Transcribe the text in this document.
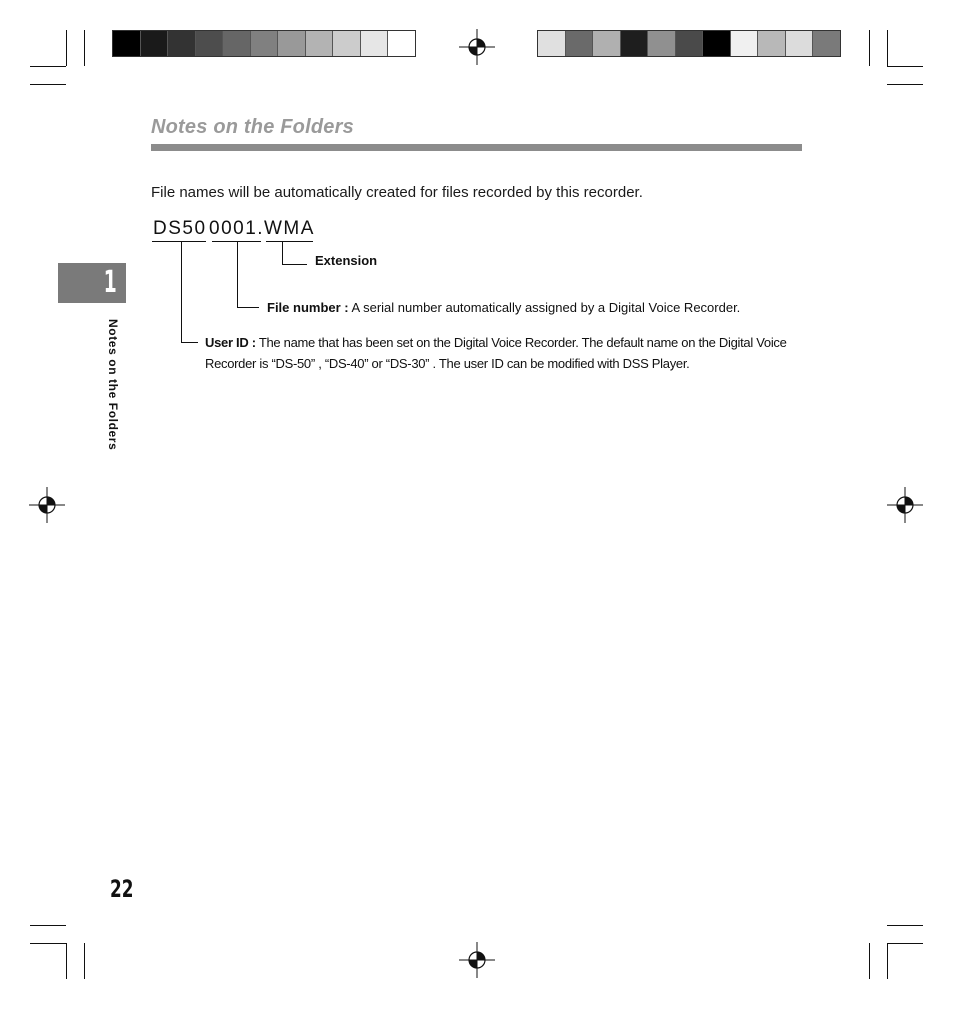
Notes on the Folders
File names will be automatically created for files recorded by this recorder.
DS50 0001. WMA
Extension
File number : A serial number automatically assigned by a Digital Voice Recorder.
User ID : The name that has been set on the Digital Voice Recorder. The default name on the Digital Voice Recorder is “DS-50” , “DS-40” or “DS-30” . The user ID can be modified with DSS Player.
1
Notes on the Folders
22
